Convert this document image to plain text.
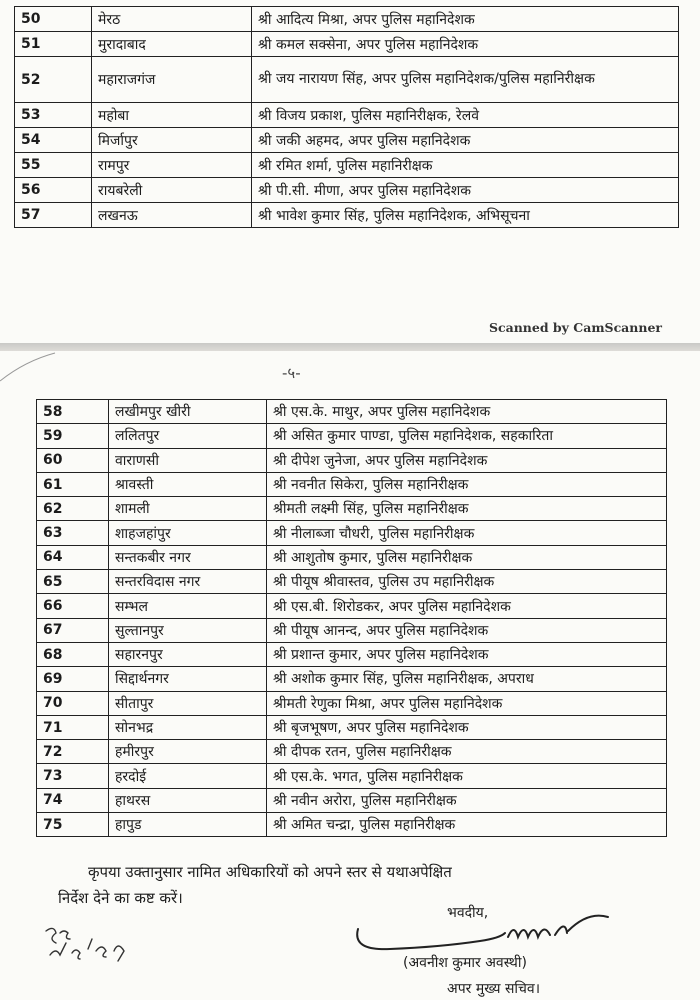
50	मेरठ	श्री आदित्य मिश्रा, अपर पुलिस महानिदेशक
51	मुरादाबाद	श्री कमल सक्सेना, अपर पुलिस महानिदेशक
52	महाराजगंज	श्री जय नारायण सिंह, अपर पुलिस महानिदेशक/पुलिस महानिरीक्षक
53	महोबा	श्री विजय प्रकाश, पुलिस महानिरीक्षक, रेलवे
54	मिर्जापुर	श्री जकी अहमद, अपर पुलिस महानिदेशक
55	रामपुर	श्री रमित शर्मा, पुलिस महानिरीक्षक
56	रायबरेली	श्री पी.सी. मीणा, अपर पुलिस महानिदेशक
57	लखनऊ	श्री भावेश कुमार सिंह, पुलिस महानिदेशक, अभिसूचना
Scanned by CamScanner
-५-
58	लखीमपुर खीरी	श्री एस.के. माथुर, अपर पुलिस महानिदेशक
59	ललितपुर	श्री असित कुमार पाण्डा, पुलिस महानिदेशक, सहकारिता
60	वाराणसी	श्री दीपेश जुनेजा, अपर पुलिस महानिदेशक
61	श्रावस्ती	श्री नवनीत सिकेरा, पुलिस महानिरीक्षक
62	शामली	श्रीमती लक्ष्मी सिंह, पुलिस महानिरीक्षक
63	शाहजहांपुर	श्री नीलाब्जा चौधरी, पुलिस महानिरीक्षक
64	सन्तकबीर नगर	श्री आशुतोष कुमार, पुलिस महानिरीक्षक
65	सन्तरविदास नगर	श्री पीयूष श्रीवास्तव, पुलिस उप महानिरीक्षक
66	सम्भल	श्री एस.बी. शिरोडकर, अपर पुलिस महानिदेशक
67	सुल्तानपुर	श्री पीयूष आनन्द, अपर पुलिस महानिदेशक
68	सहारनपुर	श्री प्रशान्त कुमार, अपर पुलिस महानिदेशक
69	सिद्दार्थनगर	श्री अशोक कुमार सिंह, पुलिस महानिरीक्षक, अपराध
70	सीतापुर	श्रीमती रेणुका मिश्रा, अपर पुलिस महानिदेशक
71	सोनभद्र	श्री बृजभूषण, अपर पुलिस महानिदेशक
72	हमीरपुर	श्री दीपक रतन, पुलिस महानिरीक्षक
73	हरदोई	श्री एस.के. भगत, पुलिस महानिरीक्षक
74	हाथरस	श्री नवीन अरोरा, पुलिस महानिरीक्षक
75	हापुड	श्री अमित चन्द्रा, पुलिस महानिरीक्षक
कृपया उक्तानुसार नामित अधिकारियों को अपने स्तर से यथाअपेक्षित
निर्देश देने का कष्ट करें।
भवदीय,
(अवनीश कुमार अवस्थी)
अपर मुख्य सचिव।
